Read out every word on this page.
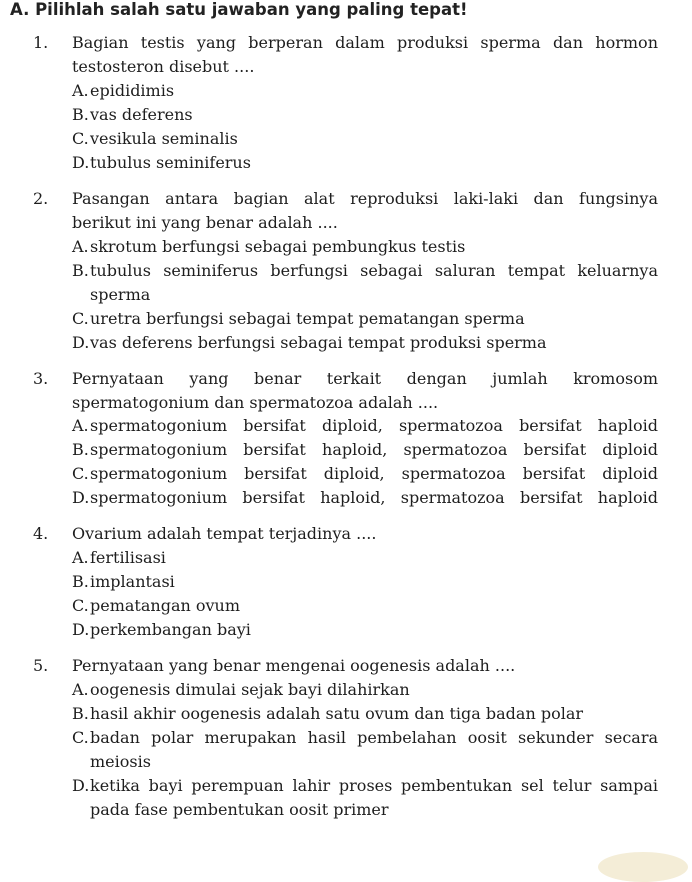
A. Pilihlah salah satu jawaban yang paling tepat!
1. Bagian testis yang berperan dalam produksi sperma dan hormon
testosteron disebut ....
A. epididimis
B. vas deferens
C. vesikula seminalis
D. tubulus seminiferus
2. Pasangan antara bagian alat reproduksi laki-laki dan fungsinya
berikut ini yang benar adalah ....
A. skrotum berfungsi sebagai pembungkus testis
B. tubulus seminiferus berfungsi sebagai saluran tempat keluarnya sperma
C. uretra berfungsi sebagai tempat pematangan sperma
D. vas deferens berfungsi sebagai tempat produksi sperma
3. Pernyataan yang benar terkait dengan jumlah kromosom
spermatogonium dan spermatozoa adalah ....
A. spermatogonium bersifat diploid, spermatozoa bersifat haploid
B. spermatogonium bersifat haploid, spermatozoa bersifat diploid
C. spermatogonium bersifat diploid, spermatozoa bersifat diploid
D. spermatogonium bersifat haploid, spermatozoa bersifat haploid
4. Ovarium adalah tempat terjadinya ....
A. fertilisasi
B. implantasi
C. pematangan ovum
D. perkembangan bayi
5. Pernyataan yang benar mengenai oogenesis adalah ....
A. oogenesis dimulai sejak bayi dilahirkan
B. hasil akhir oogenesis adalah satu ovum dan tiga badan polar
C. badan polar merupakan hasil pembelahan oosit sekunder secara meiosis
D. ketika bayi perempuan lahir proses pembentukan sel telur sampai pada fase pembentukan oosit primer
